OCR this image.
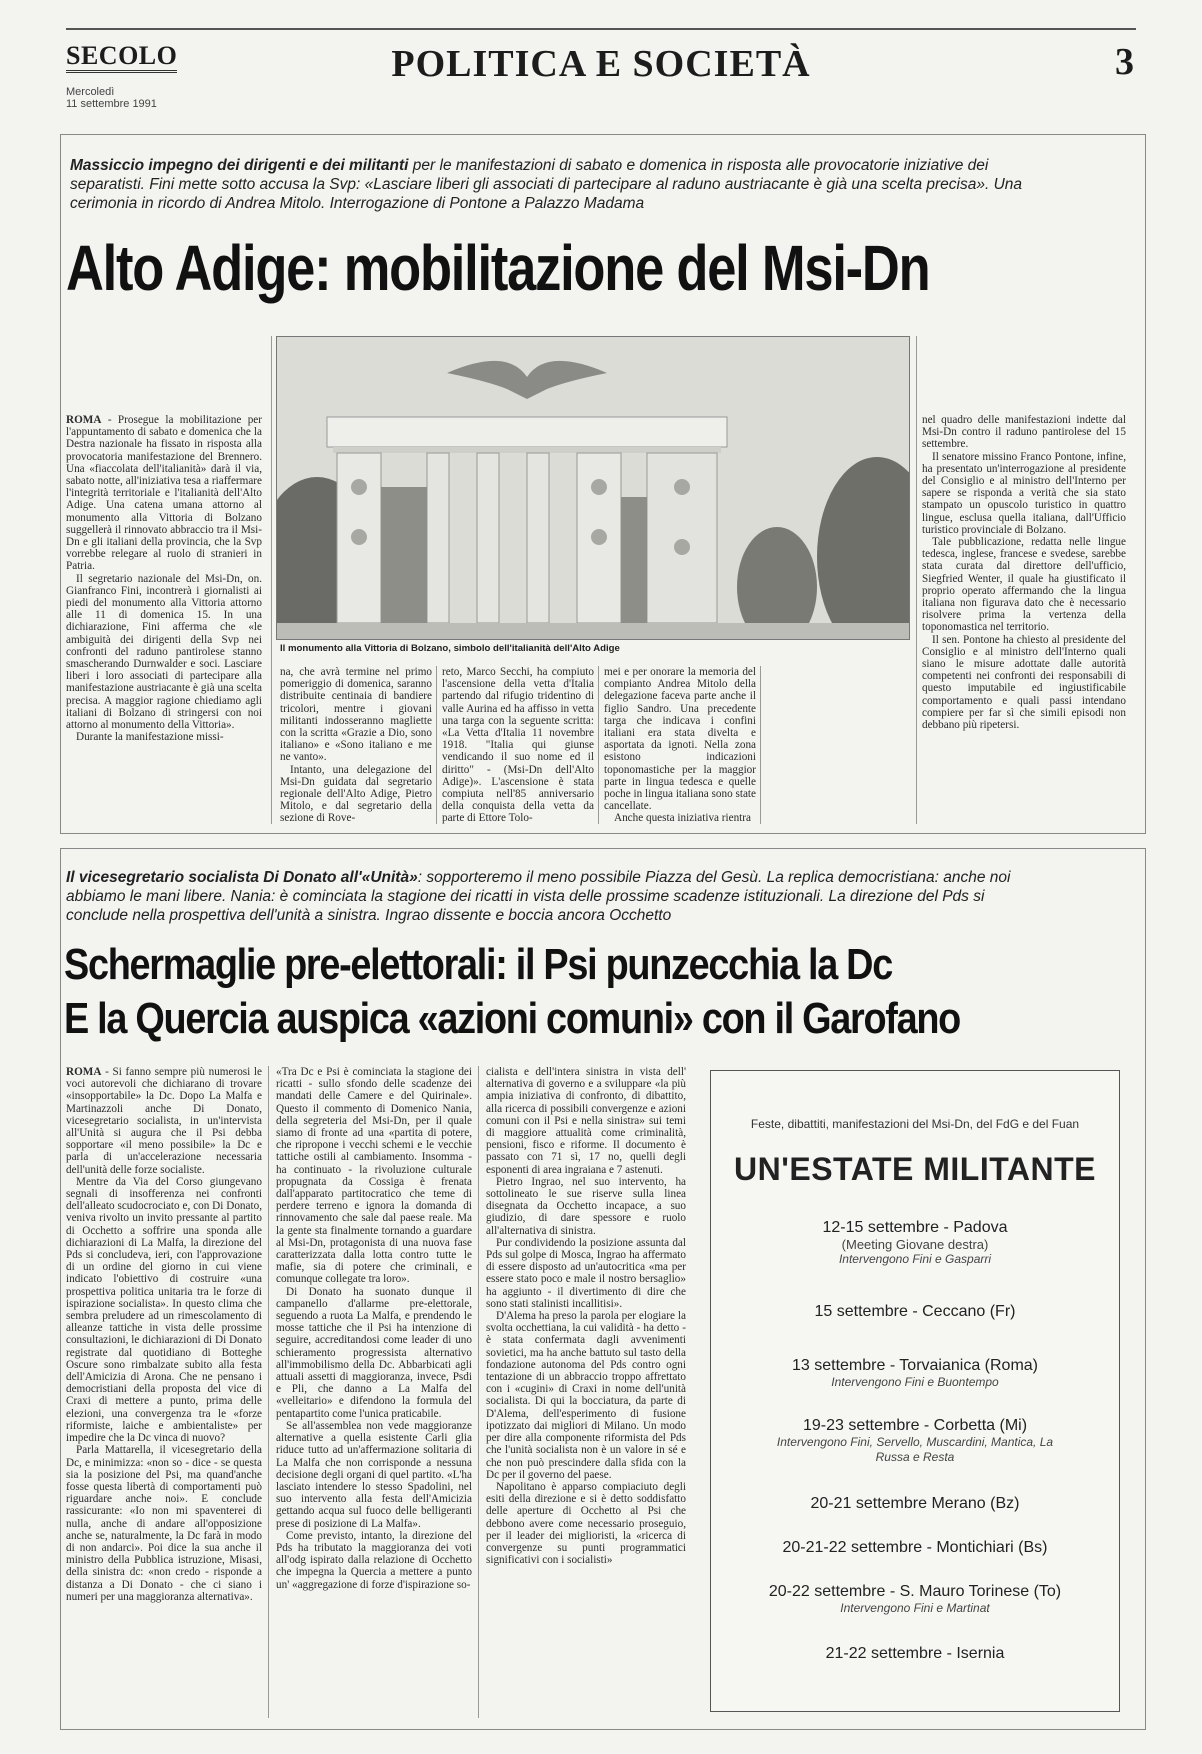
SECOLO
Mercoledì
11 settembre 1991
POLITICA E SOCIETÀ	3
Massiccio impegno dei dirigenti e dei militanti per le manifestazioni di sabato e domenica in risposta alle provocatorie iniziative dei separatisti. Fini mette sotto accusa la Svp: «Lasciare liberi gli associati di partecipare al raduno austriacante è già una scelta precisa». Una cerimonia in ricordo di Andrea Mitolo. Interrogazione di Pontone a Palazzo Madama
Alto Adige: mobilitazione del Msi-Dn
Il monumento alla Vittoria di Bolzano, simbolo dell'italianità dell'Alto Adige

ROMA - Prosegue la mobilitazione per l'appuntamento di sabato e domenica che la Destra nazionale ha fissato in risposta alla provocatoria manifestazione del Brennero. Una «fiaccolata dell'italianità» darà il via, sabato notte, all'iniziativa tesa a riaffermare l'integrità territoriale e l'italianità dell'Alto Adige. Una catena umana attorno al monumento alla Vittoria di Bolzano suggellerà il rinnovato abbraccio tra il Msi-Dn e gli italiani della provincia, che la Svp vorrebbe relegare al ruolo di stranieri in Patria.

Il segretario nazionale del Msi-Dn, on. Gianfranco Fini, incontrerà i giornalisti ai piedi del monumento alla Vittoria attorno alle 11 di domenica 15. In una dichiarazione, Fini afferma che «le ambiguità dei dirigenti della Svp nei confronti del raduno pantirolese stanno smascherando Durnwalder e soci. Lasciare liberi i loro associati di partecipare alla manifestazione austriacante è già una scelta precisa. A maggior ragione chiediamo agli italiani di Bolzano di stringersi con noi attorno al monumento della Vittoria».

Durante la manifestazione missi-

na, che avrà termine nel primo pomeriggio di domenica, saranno distribuite centinaia di bandiere tricolori, mentre i giovani militanti indosseranno magliette con la scritta «Grazie a Dio, sono italiano» e «Sono italiano e me ne vanto».

Intanto, una delegazione del Msi-Dn guidata dal segretario regionale dell'Alto Adige, Pietro Mitolo, e dal segretario della sezione di Rove-

reto, Marco Secchi, ha compiuto l'ascensione della vetta d'Italia partendo dal rifugio tridentino di valle Aurina ed ha affisso in vetta una targa con la seguente scritta: «La Vetta d'Italia 11 novembre 1918. "Italia qui giunse vendicando il suo nome ed il diritto" - (Msi-Dn dell'Alto Adige)». L'ascensione è stata compiuta nell'85 anniversario della conquista della vetta da parte di Ettore Tolo-

mei e per onorare la memoria del compianto Andrea Mitolo della delegazione faceva parte anche il figlio Sandro. Una precedente targa che indicava i confini italiani era stata divelta e asportata da ignoti. Nella zona esistono indicazioni toponomastiche per la maggior parte in lingua tedesca e quelle poche in lingua italiana sono state cancellate.

Anche questa iniziativa rientra

nel quadro delle manifestazioni indette dal Msi-Dn contro il raduno pantirolese del 15 settembre.

Il senatore missino Franco Pontone, infine, ha presentato un'interrogazione al presidente del Consiglio e al ministro dell'Interno per sapere se risponda a verità che sia stato stampato un opuscolo turistico in quattro lingue, esclusa quella italiana, dall'Ufficio turistico provinciale di Bolzano.

Tale pubblicazione, redatta nelle lingue tedesca, inglese, francese e svedese, sarebbe stata curata dal direttore dell'ufficio, Siegfried Wenter, il quale ha giustificato il proprio operato affermando che la lingua italiana non figurava dato che è necessario risolvere prima la vertenza della toponomastica nel territorio.

Il sen. Pontone ha chiesto al presidente del Consiglio e al ministro dell'Interno quali siano le misure adottate dalle autorità competenti nei confronti dei responsabili di questo imputabile ed ingiustificabile comportamento e quali passi intendano compiere per far sì che simili episodi non debbano più ripetersi.

Il vicesegretario socialista Di Donato all'«Unità»: sopporteremo il meno possibile Piazza del Gesù. La replica democristiana: anche noi abbiamo le mani libere. Nania: è cominciata la stagione dei ricatti in vista delle prossime scadenze istituzionali. La direzione del Pds si conclude nella prospettiva dell'unità a sinistra. Ingrao dissente e boccia ancora Occhetto
Schermaglie pre-elettorali: il Psi punzecchia la Dc
E la Quercia auspica «azioni comuni» con il Garofano

ROMA - Si fanno sempre più numerosi le voci autorevoli che dichiarano di trovare «insopportabile» la Dc. Dopo La Malfa e Martinazzoli anche Di Donato, vicesegretario socialista, in un'intervista all'Unità si augura che il Psi debba sopportare «il meno possibile» la Dc e parla di un'accelerazione necessaria dell'unità delle forze socialiste.

Mentre da Via del Corso giungevano segnali di insofferenza nei confronti dell'alleato scudocrociato e, con Di Donato, veniva rivolto un invito pressante al partito di Occhetto a soffrire una sponda alle dichiarazioni di La Malfa, la direzione del Pds si concludeva, ieri, con l'approvazione di un ordine del giorno in cui viene indicato l'obiettivo di costruire «una prospettiva politica unitaria tra le forze di ispirazione socialista». In questo clima che sembra preludere ad un rimescolamento di alleanze tattiche in vista delle prossime consultazioni, le dichiarazioni di Di Donato registrate dal quotidiano di Botteghe Oscure sono rimbalzate subito alla festa dell'Amicizia di Arona. Che ne pensano i democristiani della proposta del vice di Craxi di mettere a punto, prima delle elezioni, una convergenza tra le «forze riformiste, laiche e ambientaliste» per impedire che la Dc vinca di nuovo?

Parla Mattarella, il vicesegretario della Dc, e minimizza: «non so - dice - se questa sia la posizione del Psi, ma quand'anche fosse questa libertà di comportamenti può riguardare anche noi». E conclude rassicurante: «Io non mi spaventerei di nulla, anche di andare all'opposizione anche se, naturalmente, la Dc farà in modo di non andarci». Poi dice la sua anche il ministro della Pubblica istruzione, Misasi, della sinistra dc: «non credo - risponde a distanza a Di Donato - che ci siano i numeri per una maggioranza alternativa».

«Tra Dc e Psi è cominciata la stagione dei ricatti - sullo sfondo delle scadenze dei mandati delle Camere e del Quirinale». Questo il commento di Domenico Nania, della segreteria del Msi-Dn, per il quale siamo di fronte ad una «partita di potere, che ripropone i vecchi schemi e le vecchie tattiche ostili al cambiamento. Insomma - ha continuato - la rivoluzione culturale propugnata da Cossiga è frenata dall'apparato partitocratico che teme di perdere terreno e ignora la domanda di rinnovamento che sale dal paese reale. Ma la gente sta finalmente tornando a guardare al Msi-Dn, protagonista di una nuova fase caratterizzata dalla lotta contro tutte le mafie, sia di potere che criminali, e comunque collegate tra loro».

Di Donato ha suonato dunque il campanello d'allarme pre-elettorale, seguendo a ruota La Malfa, e prendendo le mosse tattiche che il Psi ha intenzione di seguire, accreditandosi come leader di uno schieramento progressista alternativo all'immobilismo della Dc. Abbarbicati agli attuali assetti di maggioranza, invece, Psdi e Pli, che danno a La Malfa del «velleitario» e difendono la formula del pentapartito come l'unica praticabile.

Se all'assemblea non vede maggioranze alternative a quella esistente Carli glia riduce tutto ad un'affermazione solitaria di La Malfa che non corrisponde a nessuna decisione degli organi di quel partito. «L'ha lasciato intendere lo stesso Spadolini, nel suo intervento alla festa dell'Amicizia gettando acqua sul fuoco delle belligeranti prese di posizione di La Malfa».

Come previsto, intanto, la direzione del Pds ha tributato la maggioranza dei voti all'odg ispirato dalla relazione di Occhetto che impegna la Quercia a mettere a punto un' «aggregazione di forze d'ispirazione so-

cialista e dell'intera sinistra in vista dell' alternativa di governo e a sviluppare «la più ampia iniziativa di confronto, di dibattito, alla ricerca di possibili convergenze e azioni comuni con il Psi e nella sinistra» sui temi di maggiore attualità come criminalità, pensioni, fisco e riforme. Il documento è passato con 71 sì, 17 no, quelli degli esponenti di area ingraiana e 7 astenuti.

Pietro Ingrao, nel suo intervento, ha sottolineato le sue riserve sulla linea disegnata da Occhetto incapace, a suo giudizio, di dare spessore e ruolo all'alternativa di sinistra.

Pur condividendo la posizione assunta dal Pds sul golpe di Mosca, Ingrao ha affermato di essere disposto ad un'autocritica «ma per essere stato poco e male il nostro bersaglio» ha aggiunto - il divertimento di dire che sono stati stalinisti incallitisi».

D'Alema ha preso la parola per elogiare la svolta occhettiana, la cui validità - ha detto - è stata confermata dagli avvenimenti sovietici, ma ha anche battuto sul tasto della fondazione autonoma del Pds contro ogni tentazione di un abbraccio troppo affrettato con i «cugini» di Craxi in nome dell'unità socialista. Di qui la bocciatura, da parte di D'Alema, dell'esperimento di fusione ipotizzato dai migliori di Milano. Un modo per dire alla componente riformista del Pds che l'unità socialista non è un valore in sé e che non può prescindere dalla sfida con la Dc per il governo del paese.

Napolitano è apparso compiaciuto degli esiti della direzione e si è detto soddisfatto delle aperture di Occhetto al Psi che debbono avere come necessario proseguio, per il leader dei miglioristi, la «ricerca di convergenze su punti programmatici significativi con i socialisti»

Feste, dibattiti, manifestazioni del Msi-Dn, del FdG e del Fuan
UN'ESTATE MILITANTE
12-15 settembre - Padova
(Meeting Giovane destra)
Intervengono Fini e Gasparri
15 settembre - Ceccano (Fr)
13 settembre - Torvaianica (Roma)
Intervengono Fini e Buontempo
19-23 settembre - Corbetta (Mi)
Intervengono Fini, Servello, Muscardini, Mantica, La Russa e Resta
20-21 settembre Merano (Bz)
20-21-22 settembre - Montichiari (Bs)
20-22 settembre - S. Mauro Torinese (To)
Intervengono Fini e Martinat
21-22 settembre - Isernia
